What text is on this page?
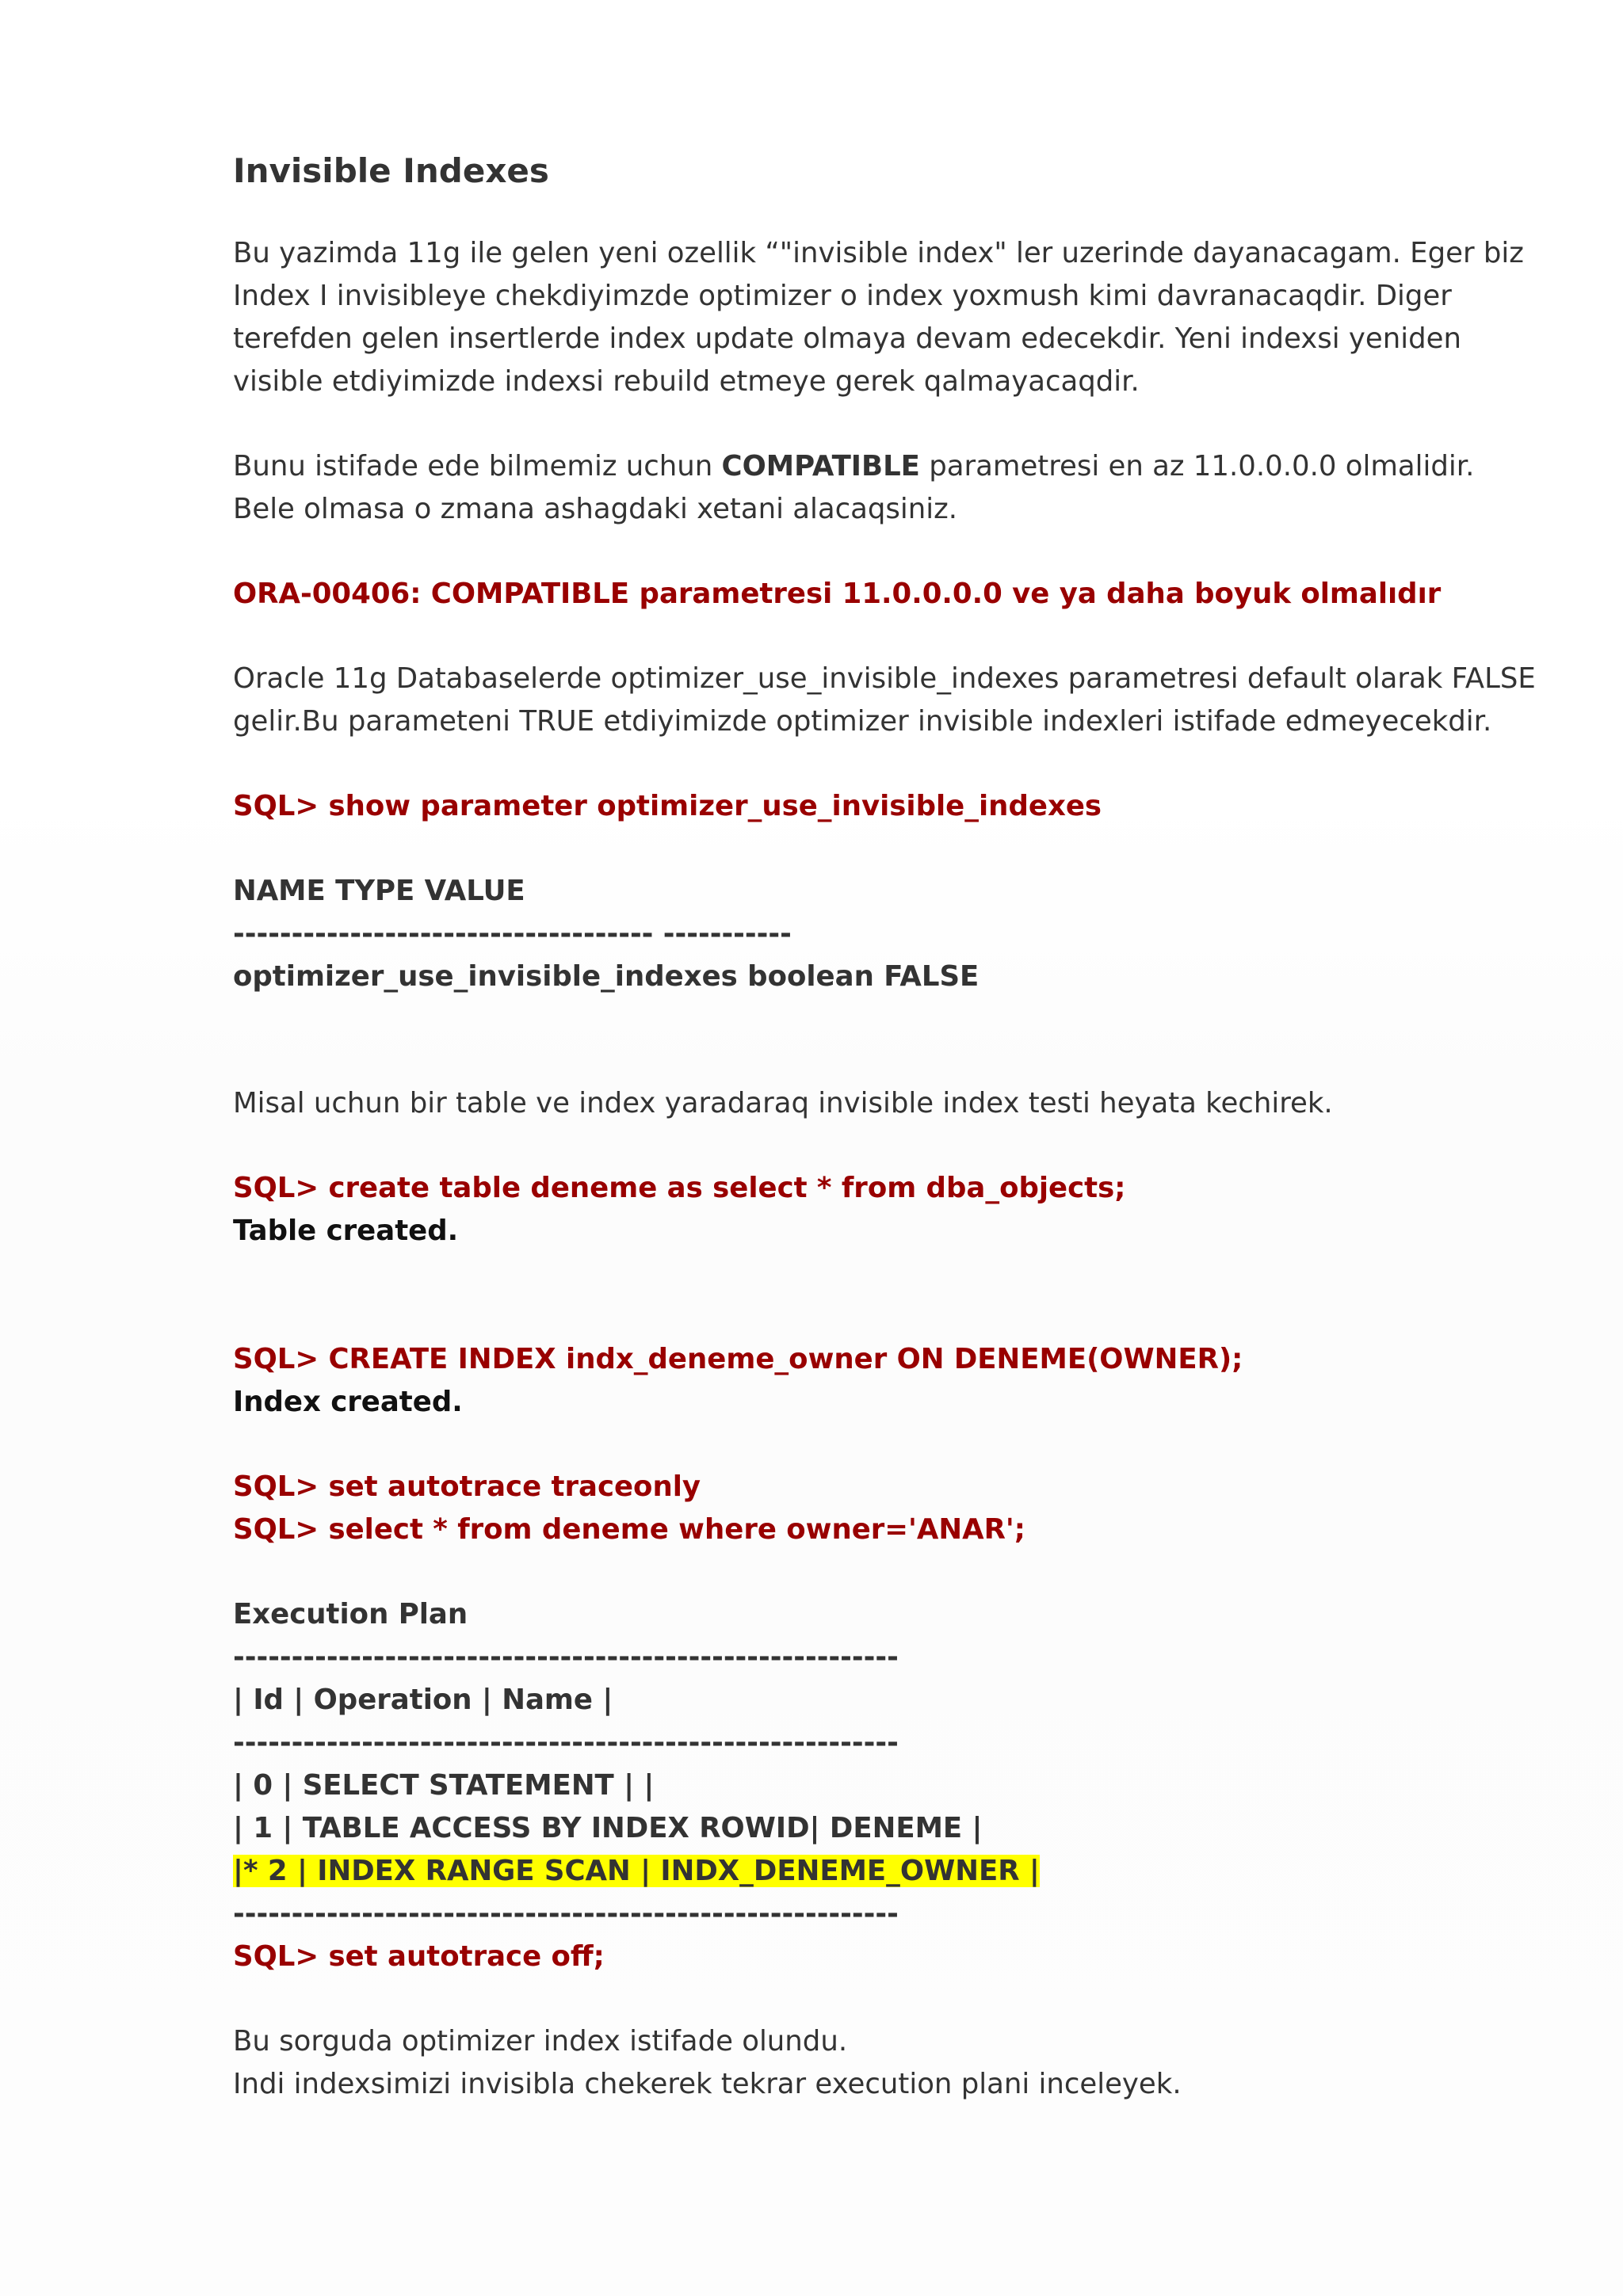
Invisible Indexes

Bu yazimda 11g ile gelen yeni ozellik “"invisible index" ler uzerinde dayanacagam. Eger biz
Index I invisibleye chekdiyimzde optimizer o index yoxmush kimi davranacaqdir. Diger
terefden gelen insertlerde index update olmaya devam edecekdir. Yeni indexsi yeniden
visible etdiyimizde indexsi rebuild etmeye gerek qalmayacaqdir.

Bunu istifade ede bilmemiz uchun COMPATIBLE parametresi en az 11.0.0.0.0 olmalidir.
Bele olmasa o zmana ashagdaki xetani alacaqsiniz.

ORA-00406: COMPATIBLE parametresi 11.0.0.0.0 ve ya daha boyuk olmalıdır

Oracle 11g Databaselerde optimizer_use_invisible_indexes parametresi default olarak FALSE
gelir.Bu parameteni TRUE etdiyimizde optimizer invisible indexleri istifade edmeyecekdir.

SQL> show parameter optimizer_use_invisible_indexes

NAME TYPE VALUE

------------------------------------ -----------

optimizer_use_invisible_indexes boolean FALSE

Misal uchun bir table ve index yaradaraq invisible index testi heyata kechirek.

SQL> create table deneme as select * from dba_objects;

Table created.

SQL> CREATE INDEX indx_deneme_owner ON DENEME(OWNER);

Index created.

SQL> set autotrace traceonly

SQL> select * from deneme where owner='ANAR';

Execution Plan

---------------------------------------------------------

| Id | Operation | Name |

---------------------------------------------------------

| 0 | SELECT STATEMENT | |

| 1 | TABLE ACCESS BY INDEX ROWID| DENEME |

|* 2 | INDEX RANGE SCAN | INDX_DENEME_OWNER |

---------------------------------------------------------

SQL> set autotrace off;

Bu sorguda optimizer index istifade olundu.
Indi indexsimizi invisibla chekerek tekrar execution plani inceleyek.
